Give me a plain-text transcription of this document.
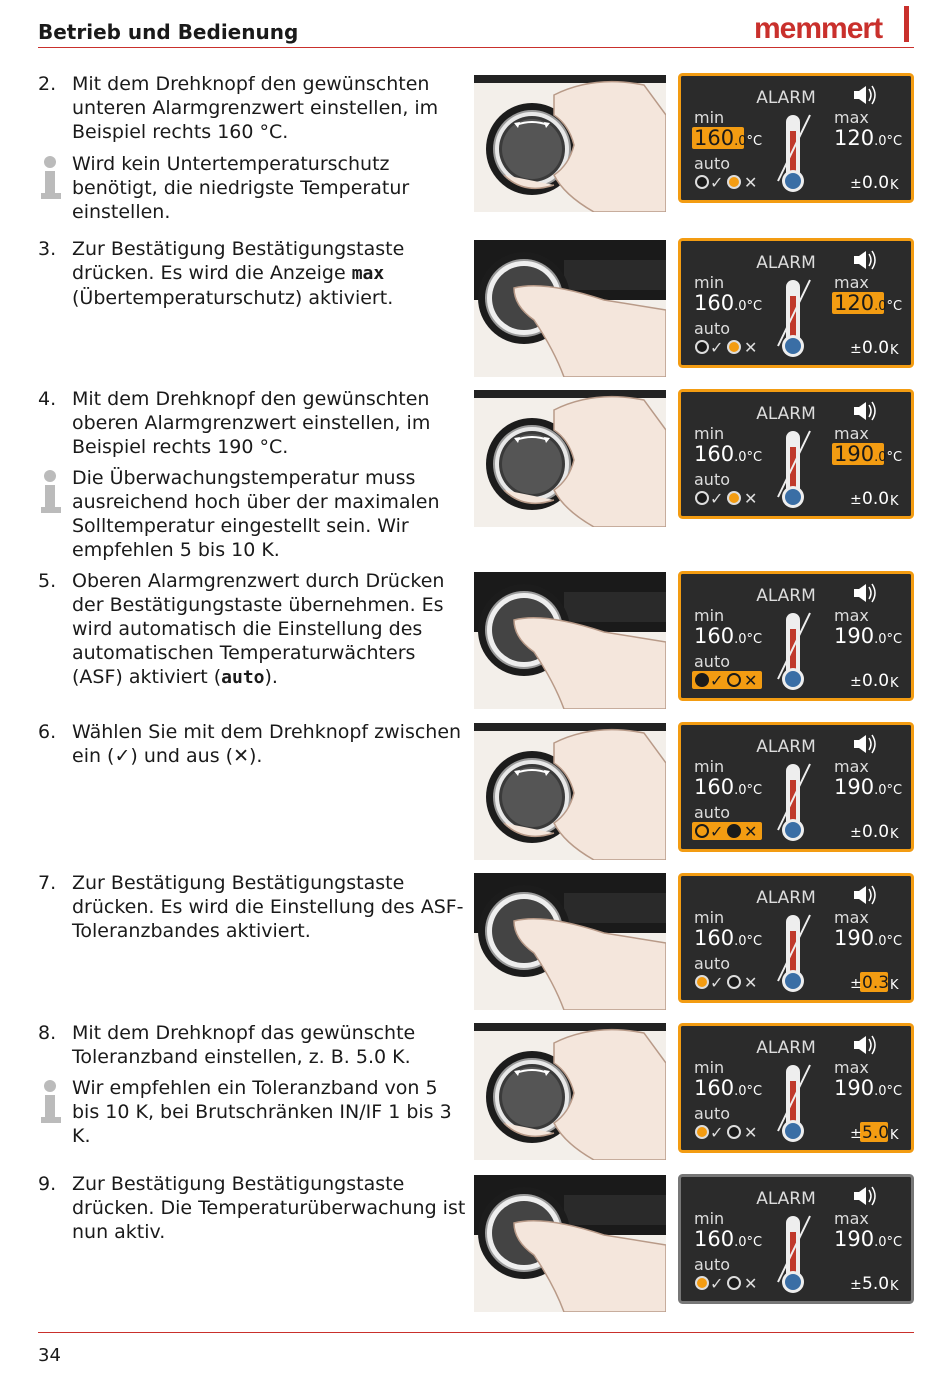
Betrieb und Bedienung	memmert
2. Mit dem Drehknopf den gewünschten unteren Alarmgrenzwert einstellen, im Beispiel rechts 160 °C.
Wird kein Untertemperaturschutz benötigt, die niedrigste Temperatur einstellen.
3. Zur Bestätigung Bestätigungstaste drücken. Es wird die Anzeige max (Übertemperaturschutz) aktiviert.
4. Mit dem Drehknopf den gewünschten oberen Alarmgrenzwert einstellen, im Beispiel rechts 190 °C.
Die Überwachungstemperatur muss ausreichend hoch über der maximalen Solltemperatur eingestellt sein. Wir empfehlen 5 bis 10 K.
5. Oberen Alarmgrenzwert durch Drücken der Bestätigungstaste übernehmen. Es wird automatisch die Einstellung des automatischen Temperaturwächters (ASF) aktiviert (auto).
6. Wählen Sie mit dem Drehknopf zwischen ein (✓) und aus (✕).
7. Zur Bestätigung Bestätigungstaste drücken. Es wird die Einstellung des ASF-Toleranzbandes aktiviert.
8. Mit dem Drehknopf das gewünschte Toleranzband einstellen, z. B. 5.0 K.
Wir empfehlen ein Toleranzband von 5 bis 10 K, bei Brutschränken IN/IF 1 bis 3 K.
9. Zur Bestätigung Bestätigungstaste drücken. Die Temperaturüberwachung ist nun aktiv.
ALARM
min	max
160.0°C	120.0°C
auto
✓ ✕	± 0.0 K
ALARM
min	max
160.0°C	120.0°C
auto
✓ ✕	± 0.0 K
ALARM
min	max
160.0°C	190.0°C
auto
✓ ✕	± 0.0 K
ALARM
min	max
160.0°C	190.0°C
auto
✓ ✕	± 0.0 K
ALARM
min	max
160.0°C	190.0°C
auto
✓ ✕	± 0.0 K
ALARM
min	max
160.0°C	190.0°C
auto
✓ ✕	± 0.3 K
ALARM
min	max
160.0°C	190.0°C
auto
✓ ✕	± 5.0 K
ALARM
min	max
160.0°C	190.0°C
auto
✓ ✕	± 5.0 K
34
